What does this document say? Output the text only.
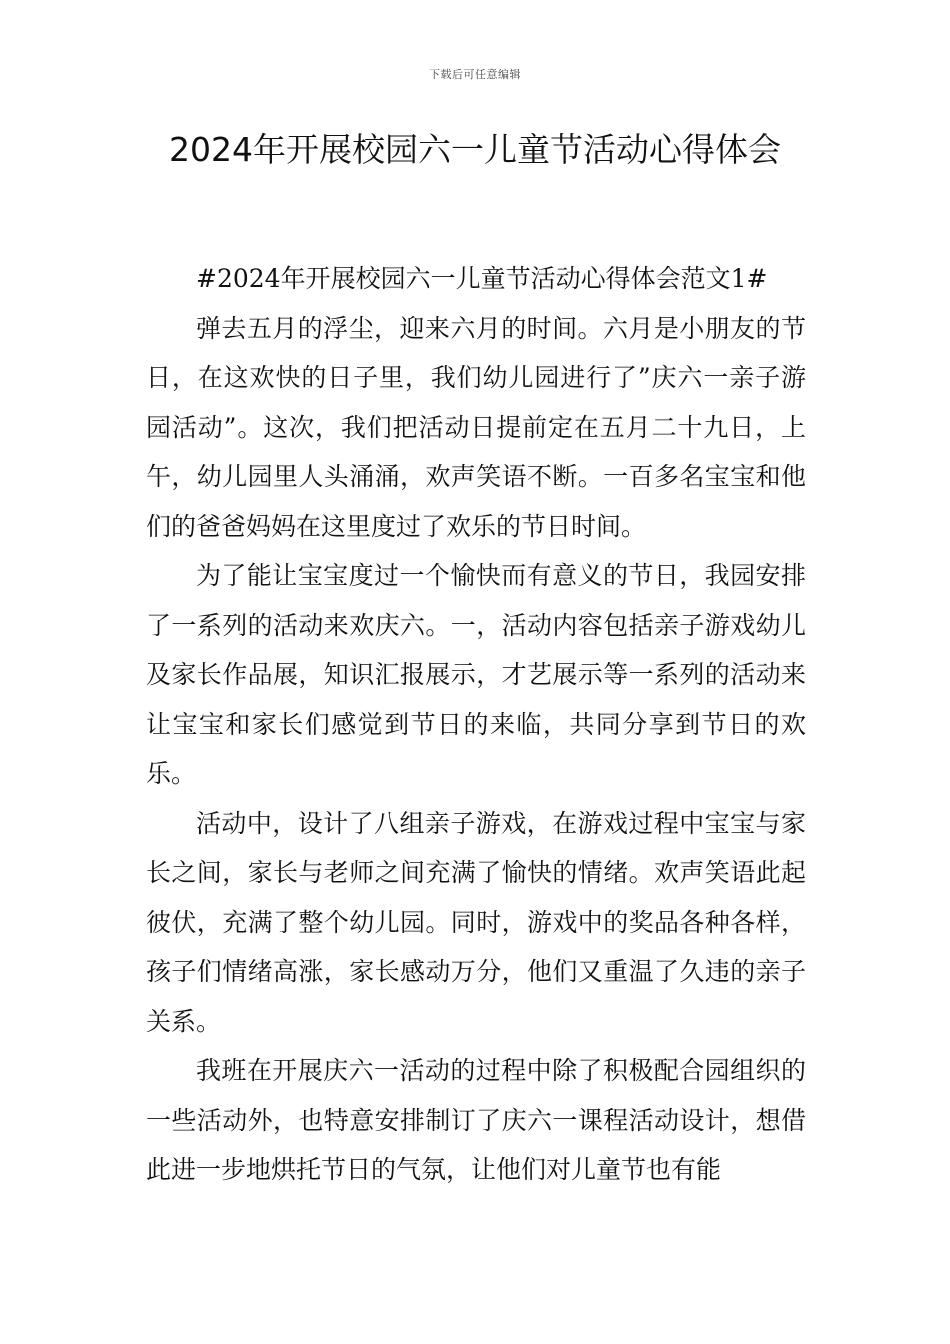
下载后可任意编辑
2024年开展校园六一儿童节活动心得体会

#2024年开展校园六一儿童节活动心得体会范文1#

弹去五月的浮尘，迎来六月的时间。六月是小朋友的节日，在这欢快的日子里，我们幼儿园进行了”庆六一亲子游园活动”。这次，我们把活动日提前定在五月二十九日，上午，幼儿园里人头涌涌，欢声笑语不断。一百多名宝宝和他们的爸爸妈妈在这里度过了欢乐的节日时间。

为了能让宝宝度过一个愉快而有意义的节日，我园安排了一系列的活动来欢庆六。一，活动内容包括亲子游戏幼儿及家长作品展，知识汇报展示，才艺展示等一系列的活动来让宝宝和家长们感觉到节日的来临，共同分享到节日的欢乐。

活动中，设计了八组亲子游戏，在游戏过程中宝宝与家长之间，家长与老师之间充满了愉快的情绪。欢声笑语此起彼伏，充满了整个幼儿园。同时，游戏中的奖品各种各样，孩子们情绪高涨，家长感动万分，他们又重温了久违的亲子关系。

我班在开展庆六一活动的过程中除了积极配合园组织的一些活动外，也特意安排制订了庆六一课程活动设计，想借此进一步地烘托节日的气氛，让他们对儿童节也有能
